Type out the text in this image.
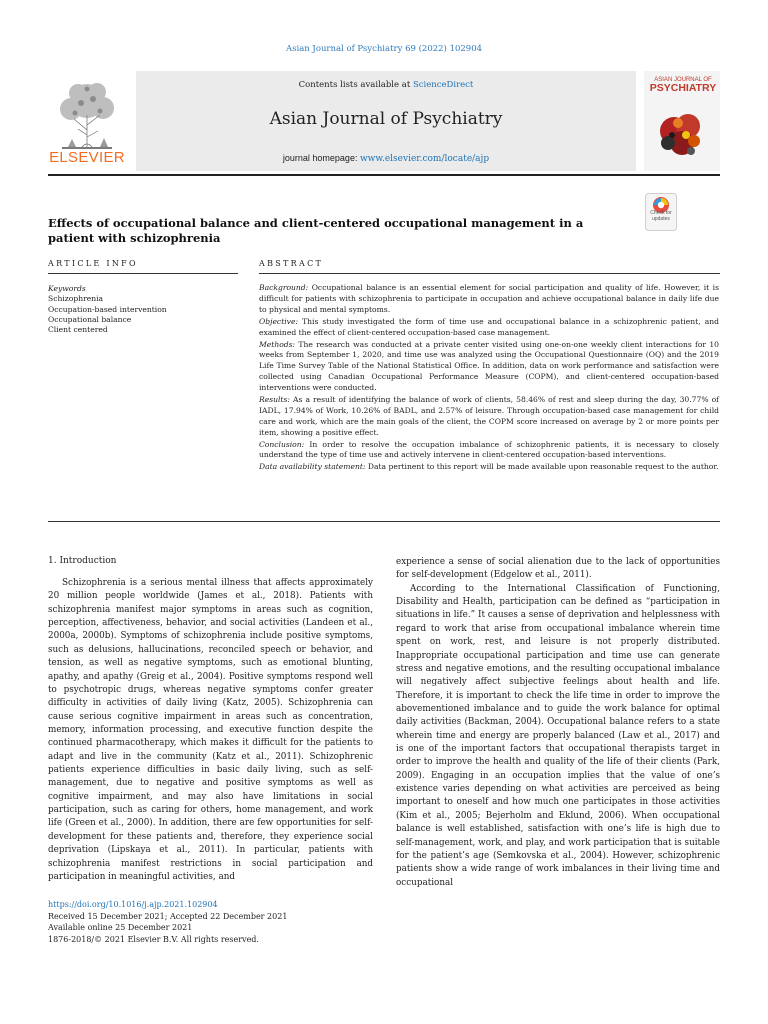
Asian Journal of Psychiatry 69 (2022) 102904
ELSEVIER
Contents lists available at ScienceDirect
Asian Journal of Psychiatry
journal homepage: www.elsevier.com/locate/ajp
ASIAN JOURNAL OF
PSYCHIATRY
Effects of occupational balance and client-centered occupational management in a patient with schizophrenia
Check for updates
ARTICLE INFO	ABSTRACT
Keywords
Schizophrenia
Occupation-based intervention
Occupational balance
Client centered

Background: Occupational balance is an essential element for social participation and quality of life. However, it is difficult for patients with schizophrenia to participate in occupation and achieve occupational balance in daily life due to physical and mental symptoms.

Objective: This study investigated the form of time use and occupational balance in a schizophrenic patient, and examined the effect of client-centered occupation-based case management.

Methods: The research was conducted at a private center visited using one-on-one weekly client interactions for 10 weeks from September 1, 2020, and time use was analyzed using the Occupational Questionnaire (OQ) and the 2019 Life Time Survey Table of the National Statistical Office. In addition, data on work performance and satisfaction were collected using Canadian Occupational Performance Measure (COPM), and client-centered occupation-based interventions were conducted.

Results: As a result of identifying the balance of work of clients, 58.46% of rest and sleep during the day, 30.77% of IADL, 17.94% of Work, 10.26% of BADL, and 2.57% of leisure. Through occupation-based case management for child care and work, which are the main goals of the client, the COPM score increased on average by 2 or more points per item, showing a positive effect.

Conclusion: In order to resolve the occupation imbalance of schizophrenic patients, it is necessary to closely understand the type of time use and actively intervene in client-centered occupation-based interventions.

Data availability statement: Data pertinent to this report will be made available upon reasonable request to the author.

1. Introduction

Schizophrenia is a serious mental illness that affects approximately 20 million people worldwide (James et al., 2018). Patients with schizophrenia manifest major symptoms in areas such as cognition, perception, affectiveness, behavior, and social activities (Landeen et al., 2000a, 2000b). Symptoms of schizophrenia include positive symptoms, such as delusions, hallucinations, reconciled speech or behavior, and tension, as well as negative symptoms, such as emotional blunting, apathy, and apathy (Greig et al., 2004). Positive symptoms respond well to psychotropic drugs, whereas negative symptoms confer greater difficulty in activities of daily living (Katz, 2005). Schizophrenia can cause serious cognitive impairment in areas such as concentration, memory, information processing, and executive function despite the continued pharmacotherapy, which makes it difficult for the patients to adapt and live in the community (Katz et al., 2011). Schizophrenic patients experience difficulties in basic daily living, such as self-management, due to negative and positive symptoms as well as cognitive impairment, and may also have limitations in social participation, such as caring for others, home management, and work life (Green et al., 2000). In addition, there are few opportunities for self-development for these patients and, therefore, they experience social deprivation (Lipskaya et al., 2011). In particular, patients with schizophrenia manifest restrictions in social participation and participation in meaningful activities, and

experience a sense of social alienation due to the lack of opportunities for self-development (Edgelow et al., 2011).

According to the International Classification of Functioning, Disability and Health, participation can be defined as “participation in situations in life.” It causes a sense of deprivation and helplessness with regard to work that arise from occupational imbalance wherein time spent on work, rest, and leisure is not properly distributed. Inappropriate occupational participation and time use can generate stress and negative emotions, and the resulting occupational imbalance will negatively affect subjective feelings about health and life. Therefore, it is important to check the life time in order to improve the abovementioned imbalance and to guide the work balance for optimal daily activities (Backman, 2004). Occupational balance refers to a state wherein time and energy are properly balanced (Law et al., 2017) and is one of the important factors that occupational therapists target in order to improve the health and quality of the life of their clients (Park, 2009). Engaging in an occupation implies that the value of one’s existence varies depending on what activities are perceived as being important to oneself and how much one participates in those activities (Kim et al., 2005; Bejerholm and Eklund, 2006). When occupational balance is well established, satisfaction with one’s life is high due to self-management, work, and play, and work participation that is suitable for the patient’s age (Semkovska et al., 2004). However, schizophrenic patients show a wide range of work imbalances in their living time and occupational

https://doi.org/10.1016/j.ajp.2021.102904
Received 15 December 2021; Accepted 22 December 2021
Available online 25 December 2021
1876-2018/© 2021 Elsevier B.V. All rights reserved.
